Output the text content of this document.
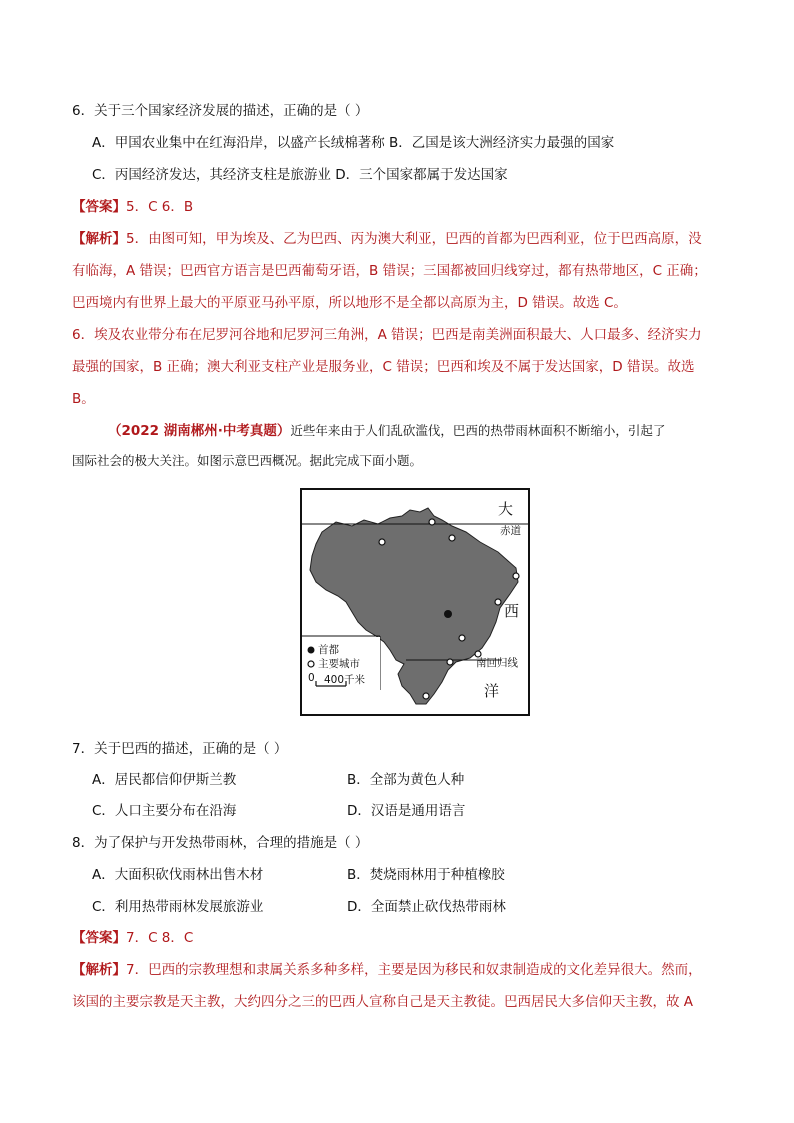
6．关于三个国家经济发展的描述，正确的是（ ）
A．甲国农业集中在红海沿岸，以盛产长绒棉著称 B．乙国是该大洲经济实力最强的国家
C．丙国经济发达，其经济支柱是旅游业 D．三个国家都属于发达国家
【答案】5．C 6．B
【解析】5．由图可知，甲为埃及、乙为巴西、丙为澳大利亚，巴西的首都为巴西利亚，位于巴西高原，没
有临海，A 错误；巴西官方语言是巴西葡萄牙语，B 错误；三国都被回归线穿过，都有热带地区，C 正确；
巴西境内有世界上最大的平原亚马孙平原，所以地形不是全都以高原为主，D 错误。故选 C。
6．埃及农业带分布在尼罗河谷地和尼罗河三角洲，A 错误；巴西是南美洲面积最大、人口最多、经济实力
最强的国家，B 正确；澳大利亚支柱产业是服务业，C 错误；巴西和埃及不属于发达国家，D 错误。故选
B。
（2022 湖南郴州·中考真题）近些年来由于人们乱砍滥伐，巴西的热带雨林面积不断缩小，引起了
国际社会的极大关注。如图示意巴西概况。据此完成下面小题。
大
西
洋
赤道
南回归线
首都
主要城市
0 400千米
7．关于巴西的描述，正确的是（ ）
A．居民都信仰伊斯兰教	B．全部为黄色人种
C．人口主要分布在沿海	D．汉语是通用语言
8．为了保护与开发热带雨林，合理的措施是（ ）
A．大面积砍伐雨林出售木材	B．焚烧雨林用于种植橡胶
C．利用热带雨林发展旅游业	D．全面禁止砍伐热带雨林
【答案】7．C 8．C
【解析】7．巴西的宗教理想和隶属关系多种多样，主要是因为移民和奴隶制造成的文化差异很大。然而，
该国的主要宗教是天主教，大约四分之三的巴西人宣称自己是天主教徒。巴西居民大多信仰天主教，故 A
